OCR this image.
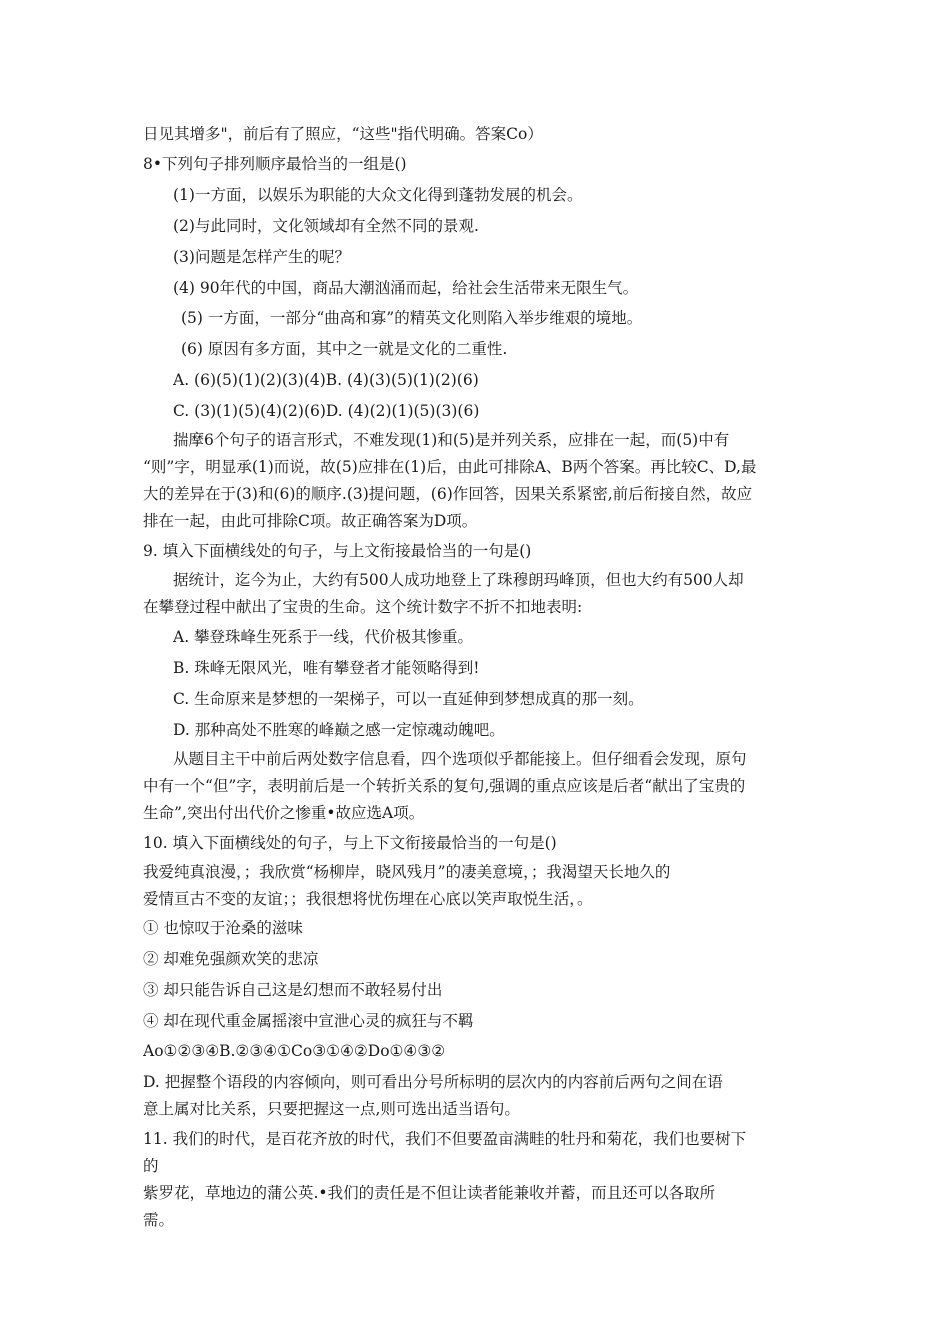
日见其增多"，前后有了照应，“这些"指代明确。答案Co）
8•下列句子排列顺序最恰当的一组是()
(1)一方面，以娱乐为职能的大众文化得到蓬勃发展的机会。
(2)与此同时，文化领域却有全然不同的景观.
(3)问题是怎样产生的呢？
(4) 90年代的中国，商品大潮汹涌而起，给社会生活带来无限生气。
(5) 一方面，一部分“曲高和寡”的精英文化则陷入举步维艰的境地。
(6) 原因有多方面，其中之一就是文化的二重性.
A. (6)(5)(1)(2)(3)(4)B. (4)(3)(5)(1)(2)(6)
C. (3)(1)(5)(4)(2)(6)D. (4)(2)(1)(5)(3)(6)
揣摩6个句子的语言形式，不难发现(1)和(5)是并列关系，应排在一起，而(5)中有
“则”字，明显承(1)而说，故(5)应排在(1)后，由此可排除A、B两个答案。再比较C、D,最
大的差异在于(3)和(6)的顺序.(3)提问题，(6)作回答，因果关系紧密,前后衔接自然，故应
排在一起，由此可排除C项。故正确答案为D项。
9. 填入下面横线处的句子，与上文衔接最恰当的一句是()
据统计，迄今为止，大约有500人成功地登上了珠穆朗玛峰顶，但也大约有500人却
在攀登过程中献出了宝贵的生命。这个统计数字不折不扣地表明:
A. 攀登珠峰生死系于一线，代价极其惨重。
B. 珠峰无限风光，唯有攀登者才能领略得到!
C. 生命原来是梦想的一架梯子，可以一直延伸到梦想成真的那一刻。
D. 那种高处不胜寒的峰巅之感一定惊魂动魄吧。
从题目主干中前后两处数字信息看，四个选项似乎都能接上。但仔细看会发现，原句
中有一个“但”字，表明前后是一个转折关系的复句,强调的重点应该是后者“献出了宝贵的
生命”,突出付出代价之惨重•故应选A项。
10. 填入下面横线处的句子，与上下文衔接最恰当的一句是()
我爱纯真浪漫，；我欣赏“杨柳岸，晓风残月”的凄美意境，；我渴望天长地久的
爱情亘古不变的友谊；；我很想将忧伤埋在心底以笑声取悦生活，。
① 也惊叹于沧桑的滋味
② 却难免强颜欢笑的悲凉
③ 却只能告诉自己这是幻想而不敢轻易付出
④ 却在现代重金属摇滚中宣泄心灵的疯狂与不羁
Ao①②③④B.②③④①Co③①④②Do①④③②
D. 把握整个语段的内容倾向，则可看出分号所标明的层次内的内容前后两句之间在语
意上属对比关系，只要把握这一点,则可选出适当语句。
11. 我们的时代，是百花齐放的时代，我们不但要盈亩满畦的牡丹和菊花，我们也要树下
的
紫罗花，草地边的蒲公英.•我们的责任是不但让读者能兼收并蓄，而且还可以各取所
需。
